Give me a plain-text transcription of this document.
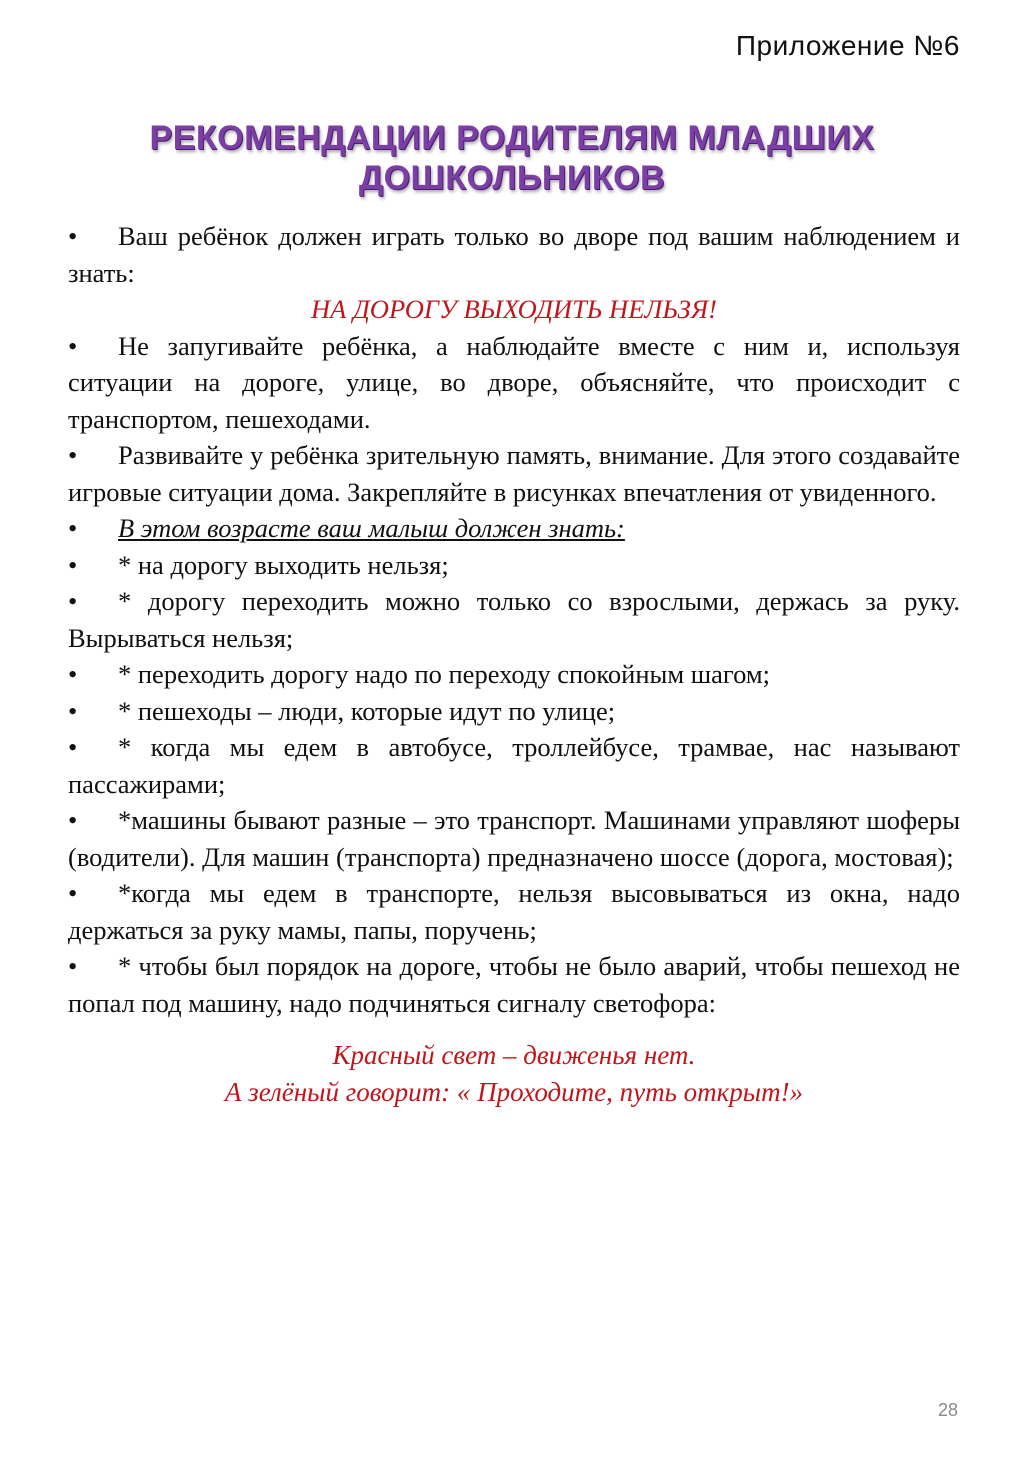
Приложение №6
РЕКОМЕНДАЦИИ РОДИТЕЛЯМ МЛАДШИХ
ДОШКОЛЬНИКОВ
• Ваш ребёнок должен играть только во дворе под вашим наблюдением и знать:
НА ДОРОГУ ВЫХОДИТЬ НЕЛЬЗЯ!
• Не запугивайте ребёнка, а наблюдайте вместе с ним и, используя ситуации на дороге, улице, во дворе, объясняйте, что происходит с транспортом, пешеходами.
• Развивайте у ребёнка зрительную память, внимание. Для этого создавайте игровые ситуации дома. Закрепляйте в рисунках впечатления от увиденного.
• В этом возрасте ваш малыш должен знать:
• * на дорогу выходить нельзя;
• * дорогу переходить можно только со взрослыми, держась за руку. Вырываться нельзя;
• * переходить дорогу надо по переходу спокойным шагом;
• * пешеходы – люди, которые идут по улице;
• * когда мы едем в автобусе, троллейбусе, трамвае, нас называют пассажирами;
• *машины бывают разные – это транспорт. Машинами управляют шоферы (водители). Для машин (транспорта) предназначено шоссе (дорога, мостовая);
• *когда мы едем в транспорте, нельзя высовываться из окна, надо держаться за руку мамы, папы, поручень;
• * чтобы был порядок на дороге, чтобы не было аварий, чтобы пешеход не попал под машину, надо подчиняться сигналу светофора:
Красный свет – движенья нет.
А зелёный говорит: « Проходите, путь открыт!»
28
